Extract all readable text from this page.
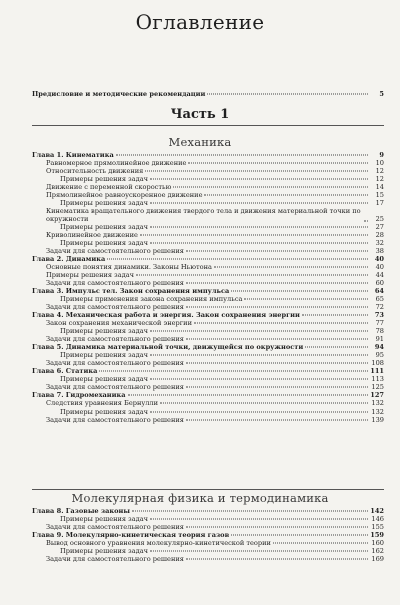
Оглавление
Предисловие и методические рекомендации	5
Часть 1
Механика
Глава 1. Кинематика	9
Равномерное прямолинейное движение	10
Относительность движения	12
Примеры решения задач	12
Движение с переменной скоростью	14
Прямолинейное равноускоренное движение	15
Примеры решения задач	17
Кинематика вращательного движения твердого тела и движения материальной точки по окружности	25
Примеры решения задач	27
Криволинейное движение	28
Примеры решения задач	32
Задачи для самостоятельного решения	38
Глава 2. Динамика	40
Основные понятия динамики. Законы Ньютона	40
Примеры решения задач	44
Задачи для самостоятельного решения	60
Глава 3. Импульс тел. Закон сохранения импульса	64
Примеры применения закона сохранения импульса	65
Задачи для самостоятельного решения	72
Глава 4. Механическая работа и энергия. Закон сохранения энергии	73
Закон сохранения механической энергии	77
Примеры решения задач	78
Задачи для самостоятельного решения	91
Глава 5. Динамика материальной точки, движущейся по окружности	94
Примеры решения задач	95
Задачи для самостоятельного решения	108
Глава 6. Статика	111
Примеры решения задач	113
Задачи для самостоятельного решения	125
Глава 7. Гидромеханика	127
Следствия уравнения Бернулли	132
Примеры решения задач	132
Задачи для самостоятельного решения	139
Молекулярная физика и термодинамика
Глава 8. Газовые законы	142
Примеры решения задач	146
Задачи для самостоятельного решения	155
Глава 9. Молекулярно-кинетическая теория газов	159
Вывод основного уравнения молекулярно-кинетической теории	160
Примеры решения задач	162
Задачи для самостоятельного решения	169
